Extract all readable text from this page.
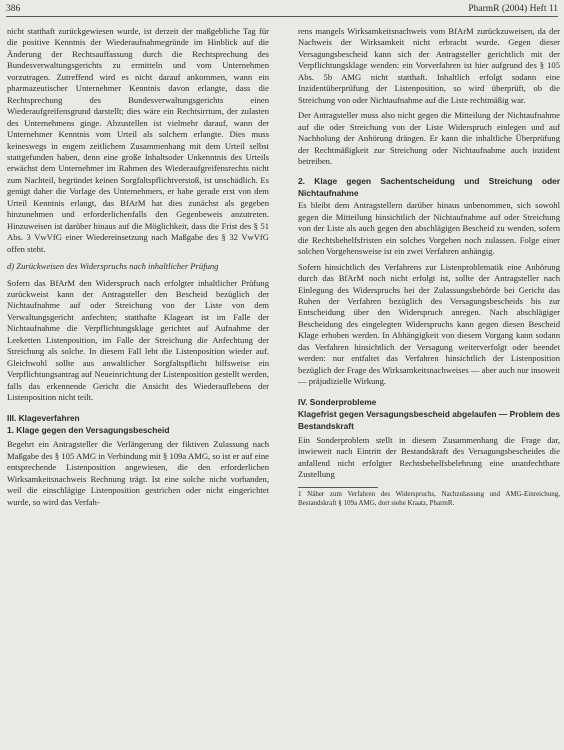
386	PharmR (2004) Heft 11

nicht statthaft zurückgewiesen wurde, ist derzeit der maßgebliche Tag für die positive Kenntnis der Wiederaufnahmegründe im Hinblick auf die Änderung der Rechtsauffassung durch die Rechtsprechung des Bundesverwaltungsgerichts zu ermitteln und vom Unternehmen vorzutragen. Zutreffend wird es nicht darauf ankommen, wann ein pharmazeutischer Unternehmer Kenntnis davon erlangte, dass die Rechtsprechung des Bundesverwaltungsgerichts einen Wiederaufgreifensgrund darstellt; dies wäre ein Rechtsirrtum, der zulasten des Unternehmens ginge. Abzustellen ist vielmehr darauf, wann der Unternehmer Kenntnis vom Urteil als solchem erlangte. Dies muss keineswegs in engem zeitlichem Zusammenhang mit dem Urteil selbst stattgefunden haben, denn eine große Inhaltsoder Unkenntnis des Urteils erwächst dem Unternehmer im Rahmen des Wiederaufgreifensrechts nicht zum Nachteil, begründet keinen Sorgfaltspflichtverstoß, ist unschädlich. Es genügt daher die Vorlage des Unternehmers, er habe gerade erst von dem Urteil Kenntnis erlangt, das BfArM hat dies zunächst als gegeben hinzunehmen und erforderlichenfalls den Gegenbeweis anzutreten. Hinzuweisen ist darüber hinaus auf die Möglichkeit, dass die Frist des § 51 Abs. 3 VwVfG einer Wiedereinsetzung nach Maßgabe des § 32 VwVfG offen steht.

d) Zurückweisen des Widerspruchs nach inhaltlicher Prüfung

Sofern das BfArM den Widerspruch nach erfolgter inhaltlicher Prüfung zurückweist kann der Antragsteller den Bescheid bezüglich der Nichtaufnahme auf oder Streichung von der Liste von dem Verwaltungsgericht anfechten; statthafte Klageart ist im Falle der Nichtaufnahme die Verpflichtungsklage gerichtet auf Aufnahme der Leeketten Listenposition, im Falle der Streichung die Anfechtung der Streichung als solche. In diesem Fall lebt die Listenposition wieder auf. Gleichwohl sollte aus anwaltlicher Sorgfaltspflicht hilfsweise ein Verpflichtungsantrag auf Neueinrichtung der Listenposition gestellt werden, falls das erkennende Gericht die Ansicht des Wiederauflebens der Listenposition nicht teilt.

III. Klageverfahren

1. Klage gegen den Versagungsbescheid

Begehrt ein Antragsteller die Verlängerung der fiktiven Zulassung nach Maßgabe des § 105 AMG in Verbindung mit § 109a AMG, so ist er auf eine entsprechende Listenposition angewiesen, die den erforderlichen Wirksamkeitsnachweis Rechnung trägt. Ist eine solche nicht vorhanden, weil die einschlägige Listenposition gestrichen oder nicht eingerichtet wurde, so wird das Verfah-

rens mangels Wirksamkeitsnachweis vom BfArM zurückzuweisen, da der Nachweis der Wirksamkeit nicht erbracht wurde. Gegen dieser Versagungsbescheid kann sich der Antragsteller gerichtlich mit der Verpflichtungsklage wenden: ein Vorverfahren ist hier aufgrund des § 105 Abs. 5b AMG nicht statthaft. Inhaltlich erfolgt sodann eine Inzidentüberprüfung der Listenposition, so wird überprüft, ob die Streichung von oder Nichtaufnahme auf die Liste rechtmäßig war.

Der Antragsteller muss also nicht gegen die Mitteilung der Nichtaufnahme auf die oder Streichung von der Liste Widerspruch einlegen und auf Nachholung der Anhörung drängen. Er kann die inhaltliche Überprüfung der Rechtmäßigkeit zur Streichung oder Nichtaufnahme auch inzident betreiben.

2. Klage gegen Sachentscheidung und Streichung oder Nichtaufnahme

Es bleibt dem Antragstellern darüber hinaus unbenommen, sich sowohl gegen die Mitteilung hinsichtlich der Nichtaufnahme auf oder Streichung von der Liste als auch gegen den abschlägigen Bescheid zu wenden, sofern die Rechtsbehelfsfristen ein solches Vorgehen noch zulassen. Folge einer solchen Vorgehensweise ist ein zwei Verfahren anhängig.

Sofern hinsichtlich des Verfahrens zur Listenproblematik eine Anhörung durch das BfArM noch nicht erfolgt ist, sollte der Antragsteller nach Einlegung des Widerspruchs bei der Zulassungsbehörde bei Gericht das Ruhen der Verfahren bezüglich des Versagungsbescheids bis zur Entscheidung über den Widerspruch anregen. Nach abschlägiger Bescheidung des eingelegten Widerspruchs kann gegen diesen Bescheid Klage erhoben werden. In Abhängigkeit von diesem Vorgang kann sodann das Verfahren hinsichtlich der Versagung weiterverfolgt oder beendet werden: nur entfaltet das Verfahren hinsichtlich der Listenposition bezüglich der Frage des Wirksamkeitsnachweises — aber auch nur insoweit — präjudizielle Wirkung.

IV. Sonderprobleme

Klagefrist gegen Versagungsbescheid abgelaufen — Problem des Bestandskraft

Ein Sonderproblem stellt in diesem Zusammenhang die Frage dar, inwieweit nach Eintritt der Bestandskraft des Versagungsbescheides die anfallend nicht erfolgter Rechtsbehelfsbelehrung eine unanfechtbare Zustellung

1 Näher zum Verfahren des Widerspruchs, Nachzulassung und AMG-Einreichung, Bestandskraft § 109a AMG, dort siehe Kraatz, PharmR.
